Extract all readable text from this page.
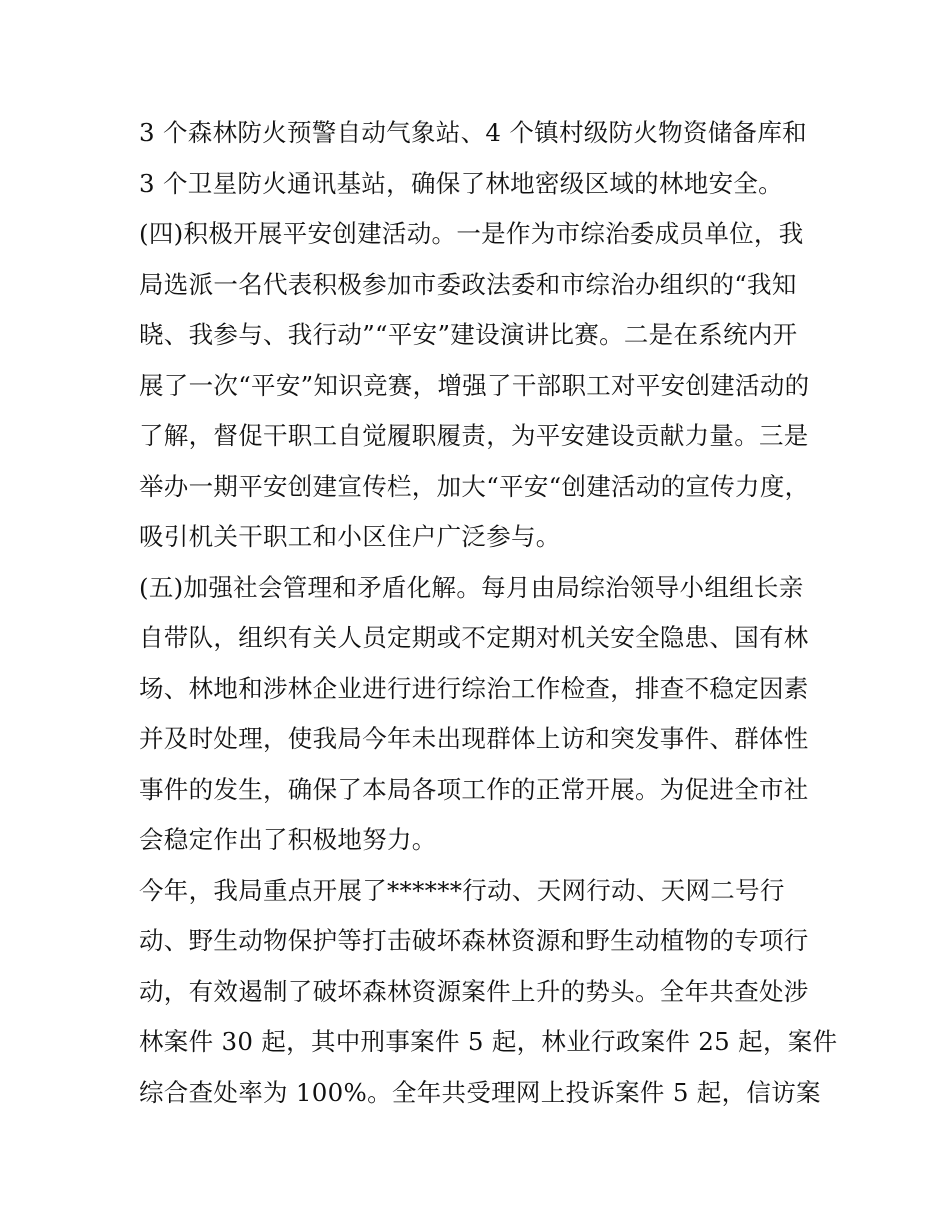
3 个森林防火预警自动气象站、4 个镇村级防火物资储备库和
3 个卫星防火通讯基站，确保了林地密级区域的林地安全。
(四)积极开展平安创建活动。一是作为市综治委成员单位，我
局选派一名代表积极参加市委政法委和市综治办组织的“我知
晓、我参与、我行动”“平安”建设演讲比赛。二是在系统内开
展了一次“平安”知识竞赛，增强了干部职工对平安创建活动的
了解，督促干职工自觉履职履责，为平安建设贡献力量。三是
举办一期平安创建宣传栏，加大“平安“创建活动的宣传力度，
吸引机关干职工和小区住户广泛参与。
(五)加强社会管理和矛盾化解。每月由局综治领导小组组长亲
自带队，组织有关人员定期或不定期对机关安全隐患、国有林
场、林地和涉林企业进行进行综治工作检查，排查不稳定因素
并及时处理，使我局今年未出现群体上访和突发事件、群体性
事件的发生，确保了本局各项工作的正常开展。为促进全市社
会稳定作出了积极地努力。
今年，我局重点开展了******行动、天网行动、天网二号行
动、野生动物保护等打击破坏森林资源和野生动植物的专项行
动，有效遏制了破坏森林资源案件上升的势头。全年共查处涉
林案件 30 起，其中刑事案件 5 起，林业行政案件 25 起，案件
综合查处率为 100%。全年共受理网上投诉案件 5 起，信访案
